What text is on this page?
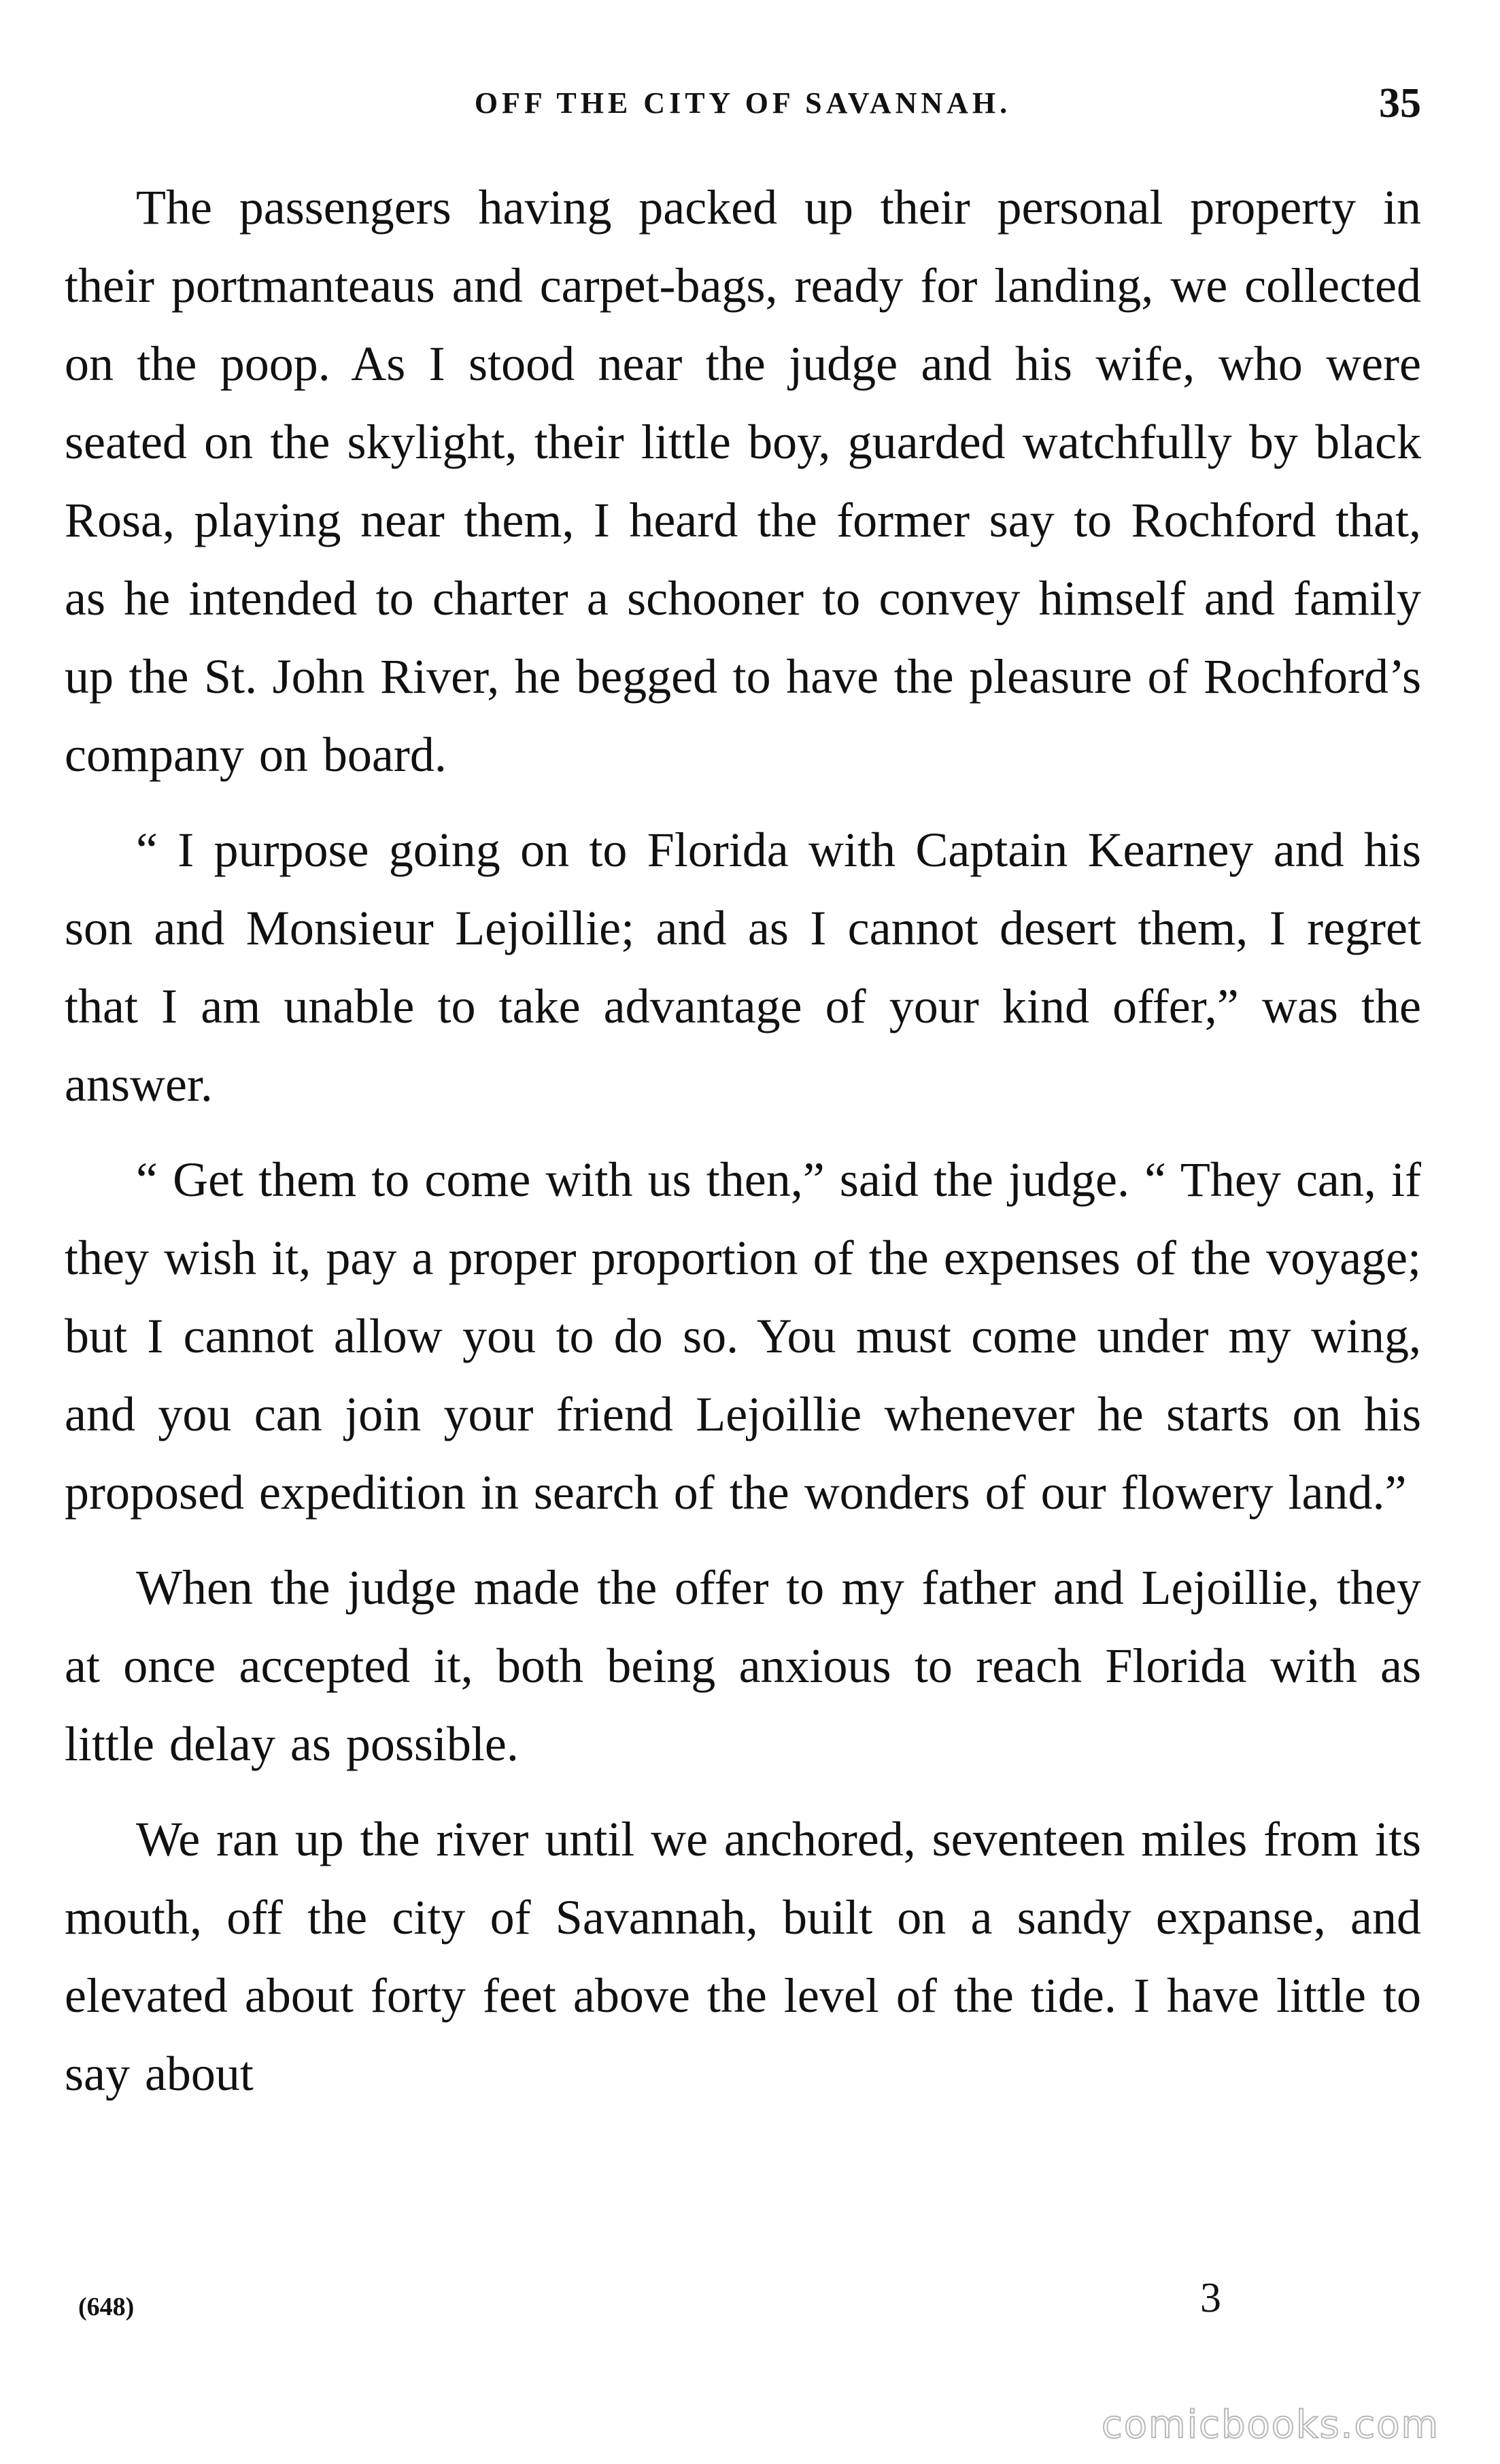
OFF THE CITY OF SAVANNAH.	35

The passengers having packed up their personal property in their portmanteaus and carpet-bags, ready for landing, we collected on the poop. As I stood near the judge and his wife, who were seated on the skylight, their little boy, guarded watchfully by black Rosa, playing near them, I heard the former say to Rochford that, as he intended to charter a schooner to convey himself and family up the St. John River, he begged to have the pleasure of Rochford’s company on board.

“ I purpose going on to Florida with Captain Kearney and his son and Monsieur Lejoillie; and as I cannot desert them, I regret that I am unable to take advantage of your kind offer,” was the answer.

“ Get them to come with us then,” said the judge. “ They can, if they wish it, pay a proper proportion of the expenses of the voyage; but I cannot allow you to do so. You must come under my wing, and you can join your friend Lejoillie whenever he starts on his proposed expedition in search of the wonders of our flowery land.”

When the judge made the offer to my father and Lejoillie, they at once accepted it, both being anxious to reach Florida with as little delay as possible.

We ran up the river until we anchored, seventeen miles from its mouth, off the city of Savannah, built on a sandy expanse, and elevated about forty feet above the level of the tide. I have little to say about

(648)	3
comicbooks.com
